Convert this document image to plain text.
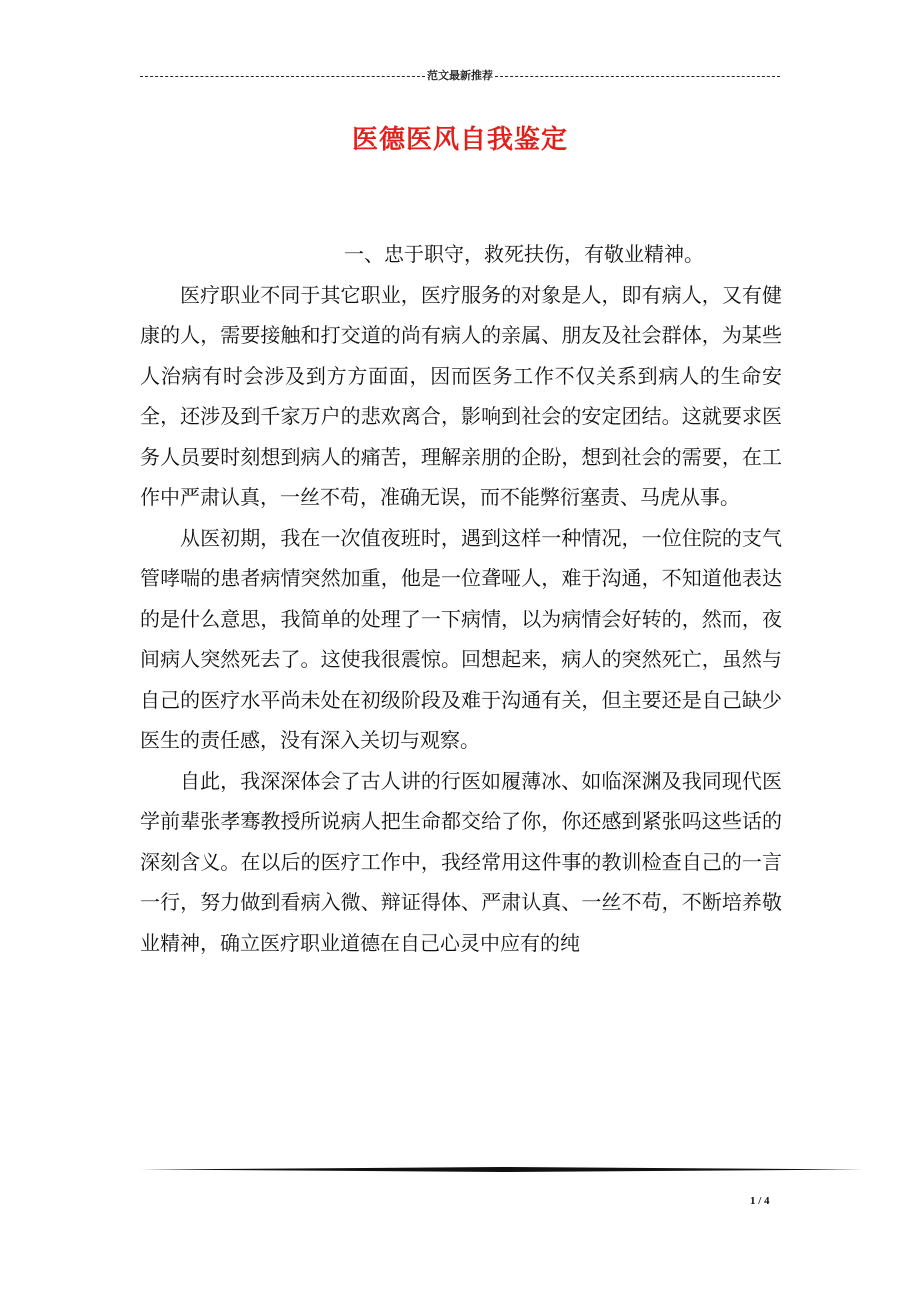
范文最新推荐
医德医风自我鉴定

一、忠于职守，救死扶伤，有敬业精神。

医疗职业不同于其它职业，医疗服务的对象是人，即有病人，又有健康的人，需要接触和打交道的尚有病人的亲属、朋友及社会群体，为某些人治病有时会涉及到方方面面，因而医务工作不仅关系到病人的生命安全，还涉及到千家万户的悲欢离合，影响到社会的安定团结。这就要求医务人员要时刻想到病人的痛苦，理解亲朋的企盼，想到社会的需要，在工作中严肃认真，一丝不苟，准确无误，而不能弊衍塞责、马虎从事。

从医初期，我在一次值夜班时，遇到这样一种情况，一位住院的支气管哮喘的患者病情突然加重，他是一位聋哑人，难于沟通，不知道他表达的是什么意思，我简单的处理了一下病情，以为病情会好转的，然而，夜间病人突然死去了。这使我很震惊。回想起来，病人的突然死亡，虽然与自己的医疗水平尚未处在初级阶段及难于沟通有关，但主要还是自己缺少医生的责任感，没有深入关切与观察。

自此，我深深体会了古人讲的行医如履薄冰、如临深渊及我同现代医学前辈张孝骞教授所说病人把生命都交给了你，你还感到紧张吗这些话的深刻含义。在以后的医疗工作中，我经常用这件事的教训检查自己的一言一行，努力做到看病入微、辩证得体、严肃认真、一丝不苟，不断培养敬业精神，确立医疗职业道德在自己心灵中应有的纯

1 / 4
